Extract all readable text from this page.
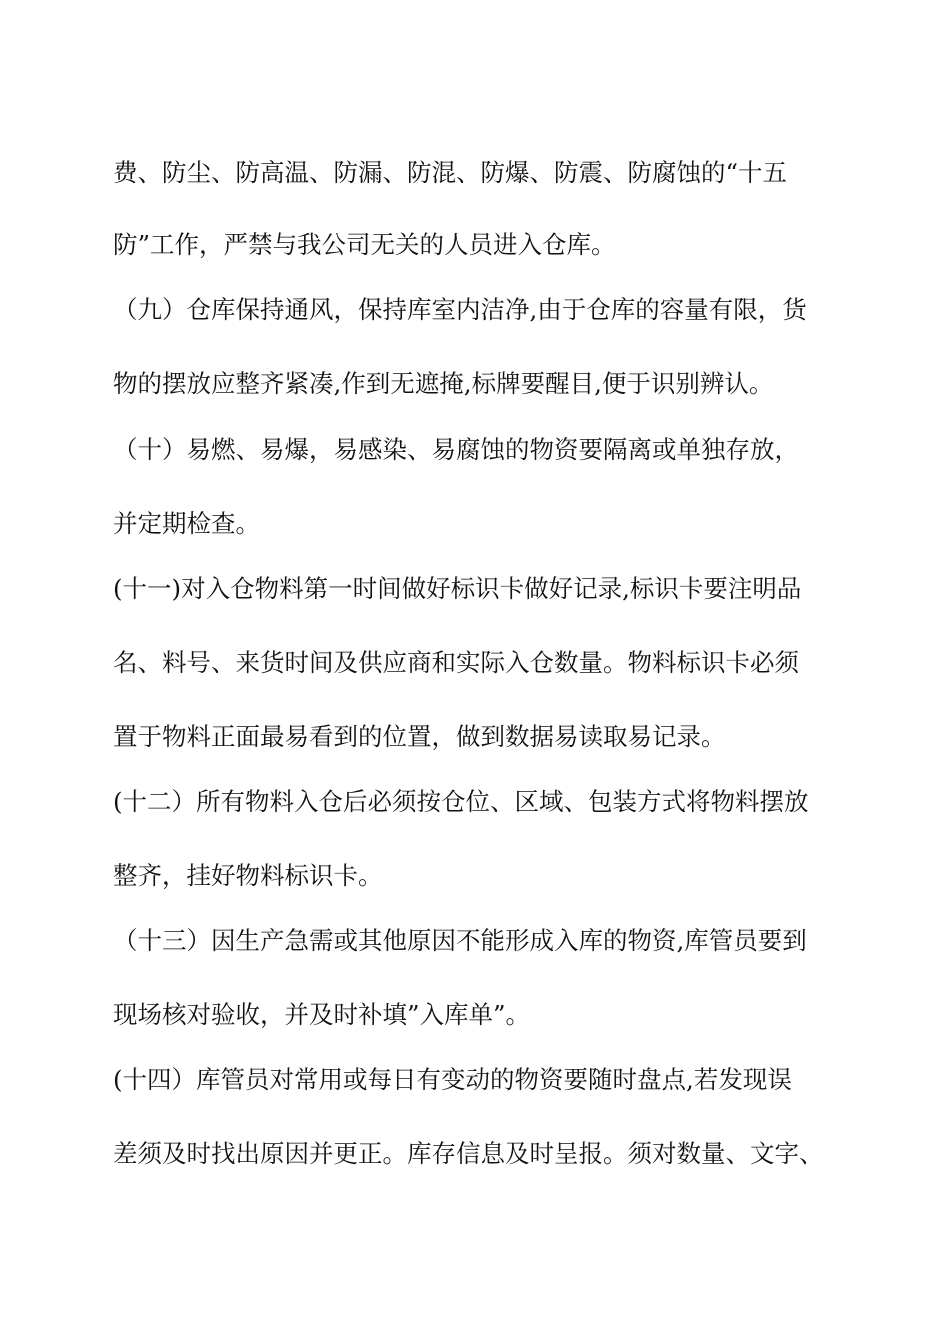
费、防尘、防高温、防漏、防混、防爆、防震、防腐蚀的“十五
防”工作，严禁与我公司无关的人员进入仓库。
（九）仓库保持通风，保持库室内洁净,由于仓库的容量有限，货
物的摆放应整齐紧凑,作到无遮掩,标牌要醒目,便于识别辨认。
（十）易燃、易爆，易感染、易腐蚀的物资要隔离或单独存放，
并定期检查。
(十一)对入仓物料第一时间做好标识卡做好记录,标识卡要注明品
名、料号、来货时间及供应商和实际入仓数量。物料标识卡必须
置于物料正面最易看到的位置，做到数据易读取易记录。
(十二）所有物料入仓后必须按仓位、区域、包装方式将物料摆放
整齐，挂好物料标识卡。
（十三）因生产急需或其他原因不能形成入库的物资,库管员要到
现场核对验收，并及时补填”入库单”。
(十四）库管员对常用或每日有变动的物资要随时盘点,若发现误
差须及时找出原因并更正。库存信息及时呈报。须对数量、文字、
